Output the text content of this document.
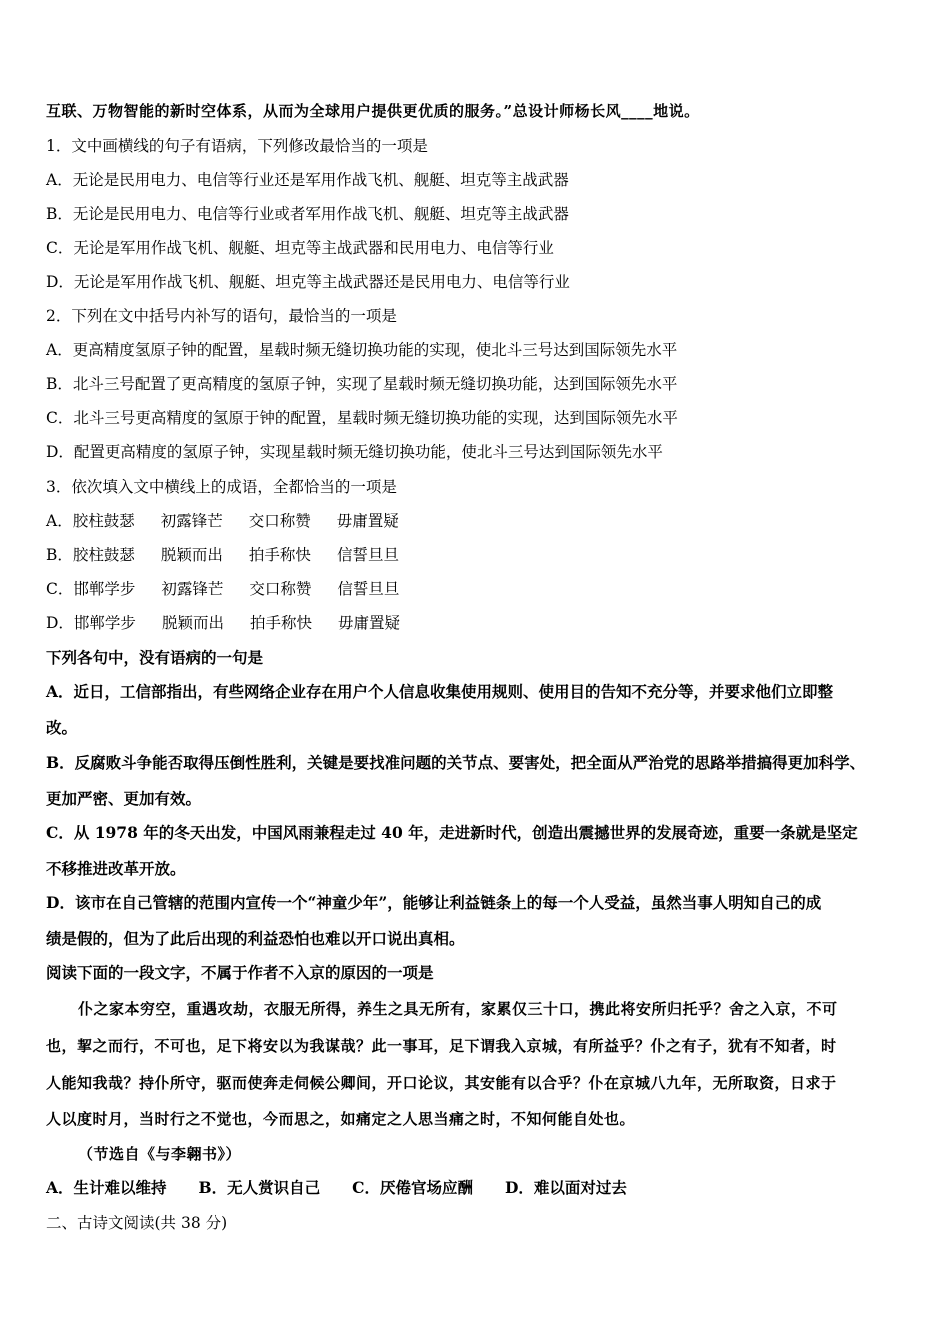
互联、万物智能的新时空体系，从而为全球用户提供更优质的服务。”总设计师杨长风____地说。
1．文中画横线的句子有语病，下列修改最恰当的一项是
A．无论是民用电力、电信等行业还是军用作战飞机、舰艇、坦克等主战武器
B．无论是民用电力、电信等行业或者军用作战飞机、舰艇、坦克等主战武器
C．无论是军用作战飞机、舰艇、坦克等主战武器和民用电力、电信等行业
D．无论是军用作战飞机、舰艇、坦克等主战武器还是民用电力、电信等行业
2．下列在文中括号内补写的语句，最恰当的一项是
A．更高精度氢原子钟的配置，星载时频无缝切换功能的实现，使北斗三号达到国际领先水平
B．北斗三号配置了更高精度的氢原子钟，实现了星载时频无缝切换功能，达到国际领先水平
C．北斗三号更高精度的氢原于钟的配置，星载时频无缝切换功能的实现，达到国际领先水平
D．配置更高精度的氢原子钟，实现星载时频无缝切换功能，使北斗三号达到国际领先水平
3．依次填入文中横线上的成语，全都恰当的一项是
A．胶柱鼓瑟 初露锋芒 交口称赞 毋庸置疑
B．胶柱鼓瑟 脱颖而出 拍手称快 信誓旦旦
C．邯郸学步 初露锋芒 交口称赞 信誓旦旦
D．邯郸学步 脱颖而出 拍手称快 毋庸置疑
下列各句中，没有语病的一句是
A．近日，工信部指出，有些网络企业存在用户个人信息收集使用规则、使用目的告知不充分等，并要求他们立即整
改。
B．反腐败斗争能否取得压倒性胜利，关键是要找准问题的关节点、要害处，把全面从严治党的思路举措搞得更加科学、
更加严密、更加有效。
C．从 1978 年的冬天出发，中国风雨兼程走过 40 年，走进新时代，创造出震撼世界的发展奇迹，重要一条就是坚定
不移推进改革开放。
D．该市在自己管辖的范围内宣传一个“神童少年”，能够让利益链条上的每一个人受益，虽然当事人明知自己的成
绩是假的，但为了此后出现的利益恐怕也难以开口说出真相。
阅读下面的一段文字，不属于作者不入京的原因的一项是
仆之家本穷空，重遇攻劫，衣服无所得，养生之具无所有，家累仅三十口，携此将安所归托乎？舍之入京，不可
也，挈之而行，不可也，足下将安以为我谋哉？此一事耳，足下谓我入京城，有所益乎？仆之有子，犹有不知者，时
人能知我哉？持仆所守，驱而使奔走伺候公卿间，开口论议，其安能有以合乎？仆在京城八九年，无所取资，日求于
人以度时月，当时行之不觉也，今而思之，如痛定之人思当痛之时，不知何能自处也。
（节选自《与李翱书》）
A．生计难以维持 B．无人赏识自己 C．厌倦官场应酬 D．难以面对过去
二、古诗文阅读(共 38 分)
